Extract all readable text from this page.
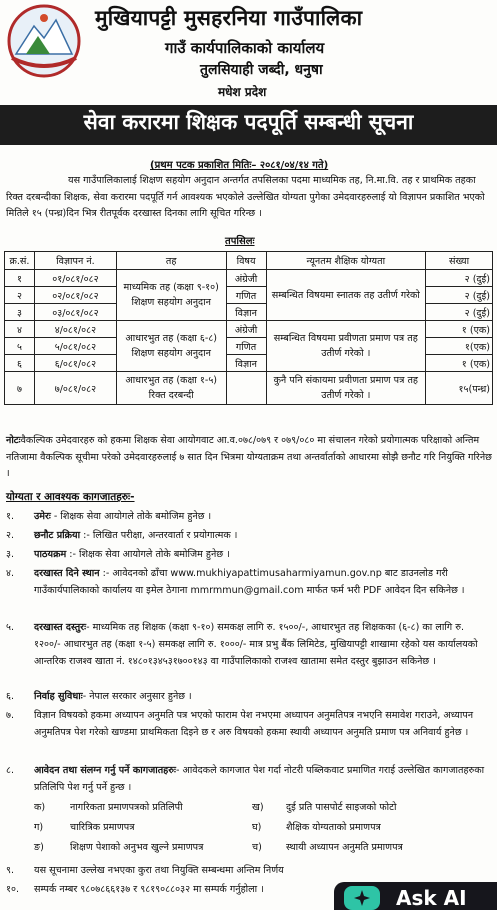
मुखियापट्टी मुसहरनिया गाउँपालिका
गाउँ कार्यपालिकाको कार्यालय
तुलसियाही जब्दी, धनुषा
मधेश प्रदेश
सेवा करारमा शिक्षक पदपूर्ति सम्बन्धी सूचना
(प्रथम पटक प्रकाशित मितिः– २०८१/०४/१४ गते)
यस गाउँपालिकालाई शिक्षण सहयोग अनुदान अन्तर्गत तपसिलका पदमा माध्यमिक तह, नि.मा.वि. तह र प्राथमिक तहका रिक्त दरबन्दीका शिक्षक, सेवा करारमा पदपूर्ति गर्न आवश्यक भएकोले उल्लेखित योग्यता पुगेका उमेदवारहरुलाई यो विज्ञापन प्रकाशित भएको मितिले १५ (पन्ध्र)दिन भित्र रीतपूर्वक दरखास्त दिनका लागि सूचित गरिन्छ ।
तपसिलः
क्र.सं.	विज्ञापन नं.	तह	विषय	न्यूनतम शैक्षिक योग्यता	संख्या
१	०१/०८१/०८२	माध्यमिक तह (कक्षा ९-१०) शिक्षण सहयोग अनुदान	अंग्रेजी	सम्बन्धित विषयमा स्नातक तह उतीर्ण गरेको	२ (दुई)
२	०२/०८१/०८२		गणित		२ (दुई)
३	०३/०८१/०८२		विज्ञान		२ (दुई)
४	४/०८१/०८२	आधारभुत तह (कक्षा ६-८) शिक्षण सहयोग अनुदान	अंग्रेजी	सम्बन्धित विषयमा प्रवीणता प्रमाण पत्र तह उतीर्ण गरेको ।	१ (एक)
५	५/०८१/०८२		गणित		१(एक)
६	६/०८१/०८२		विज्ञान		१ (एक)
७	७/०८१/०८२	आधारभुत तह (कक्षा १-५) रिक्त दरबन्दी		कुनै पनि संकायमा प्रवीणता प्रमाण पत्र तह उतीर्ण गरेको ।	१५(पन्ध्र)
नोटःवैकल्पिक उमेदवारहरु को हकमा शिक्षक सेवा आयोगवाट आ.व.०७८/०७९ र ०७९/०८० मा संचालन गरेको प्रयोगात्मक परिक्षाको अन्तिम नतिजामा वैकल्पिक सूचीमा परेको उमेदवारहरुलाई ७ सात दिन भित्रमा योग्यताक्रम तथा अन्तर्वार्ताको आधारमा सोझै छनौट गरि नियुक्ति गरिनेछ ।
योग्यता र आवश्यक कागजातहरुः-
१. उमेरः - शिक्षक सेवा आयोगले तोके बमोजिम हुनेछ ।
२. छनौट प्रक्रिया :- लिखित परीक्षा, अन्तरवार्ता र प्रयोगात्मक ।
३. पाठयक्रम :- शिक्षक सेवा आयोगले तोके बमोजिम हुनेछ ।
४. दरखास्त दिने स्थान :- आवेदनको ढाँचा www.mukhiyapattimusaharmiyamun.gov.np बाट डाउनलोड गरी गाउँकार्यपालिकाको कार्यालय वा इमेल ठेगाना mmrmmun@gmail.com मार्फत फर्म भरी PDF आवेदन दिन सकिनेछ ।
५. दरखास्त दस्तुरः- माध्यमिक तह शिक्षक (कक्षा ९-१०) समकक्ष लागि रु. १५००/-, आधारभुत तह शिक्षकका (६-८) का लागि रु. १२००/- आधारभुत तह (कक्षा १-५) समकक्ष लागि रु. १०००/- मात्र प्रभु बैंक लिमिटेड, मुखियापट्टी शाखामा रहेको यस कार्यालयको आन्तरिक राजश्व खाता नं. १४८०१३४५३१७००१४३ वा गाउँपालिकाको राजश्व खातामा समेत दस्तुर बुझाउन सकिनेछ ।
६. निर्वाह सुविधाः- नेपाल सरकार अनुसार हुनेछ ।
७. विज्ञान विषयको हकमा अध्यापन अनुमति पत्र भएको फाराम पेश नभएमा अध्यापन अनुमतिपत्र नभएनि समावेश गराउने, अध्यापन अनुमतिपत्र पेश गरेको खण्डमा प्राथमिकता दिइने छ र अरु विषयको हकमा स्थायी अध्यापन अनुमति प्रमाण पत्र अनिवार्य हुनेछ ।
८. आवेदन तथा संलग्न गर्नु पर्ने कागजातहरुः- आवेदकले कागजात पेश गर्दा नोटरी पब्लिकवाट प्रमाणित गराई उल्लेखित कागजातहरुका प्रतिलिपि पेश गर्नु पर्ने हुन्छ ।
क)	नागरिकता प्रमाणपत्रको प्रतिलिपी	ख) दुई प्रति पासपोर्ट साइजको फोटो
ग)	चारित्रिक प्रमाणपत्र	घ)	शैक्षिक योग्यताको प्रमाणपत्र
ङ)	शिक्षण पेशाको अनुभव खुल्ने प्रमाणपत्र	च)	स्थायी अध्यापन अनुमति प्रमाणपत्र
९. यस सूचनामा उल्लेख नभएका कुरा तथा नियुक्ति सम्बन्धमा अन्तिम निर्णय
१०. सम्पर्क नम्बर ९८०७८६६१३७ र ९८१९०८८०३२ मा सम्पर्क गर्नुहोला ।	Ask AI
